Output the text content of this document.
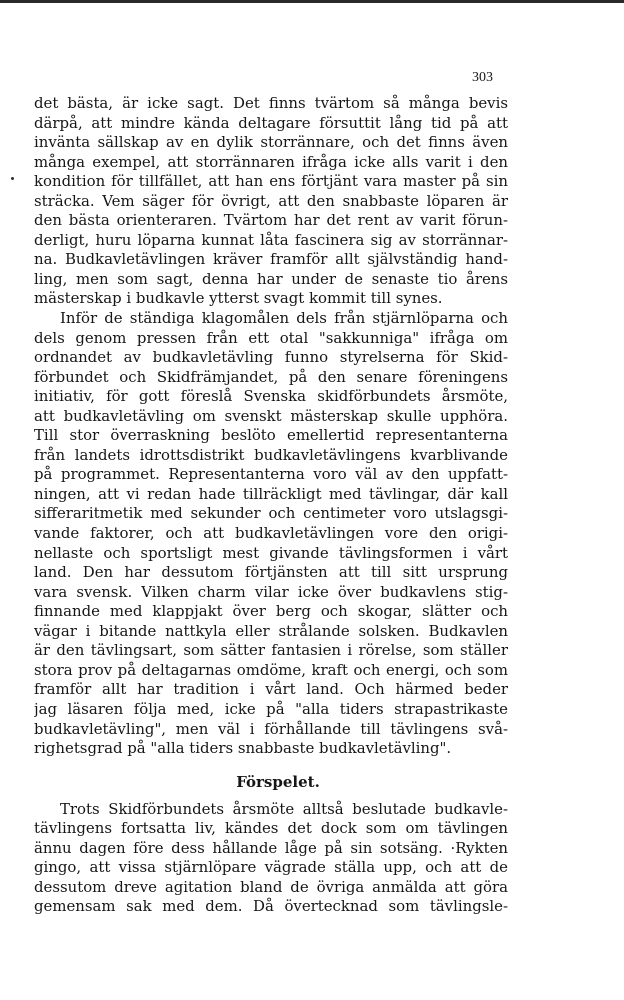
303
det bästa, är icke sagt. Det finns tvärtom så många bevis
därpå, att mindre kända deltagare försuttit lång tid på att
invänta sällskap av en dylik storrännare, och det finns även
många exempel, att storrännaren ifråga icke alls varit i den
kondition för tillfället, att han ens förtjänt vara master på sin
sträcka. Vem säger för övrigt, att den snabbaste löparen är
den bästa orienteraren. Tvärtom har det rent av varit förun-
derligt, huru löparna kunnat låta fascinera sig av storrännar-
na. Budkavletävlingen kräver framför allt självständig hand-
ling, men som sagt, denna har under de senaste tio årens
mästerskap i budkavle ytterst svagt kommit till synes.
Inför de ständiga klagomålen dels från stjärnlöparna och
dels genom pressen från ett otal "sakkunniga" ifråga om
ordnandet av budkavletävling funno styrelserna för Skid-
förbundet och Skidfrämjandet, på den senare föreningens
initiativ, för gott föreslå Svenska skidförbundets årsmöte,
att budkavletävling om svenskt mästerskap skulle upphöra.
Till stor överraskning beslöto emellertid representanterna
från landets idrottsdistrikt budkavletävlingens kvarblivande
på programmet. Representanterna voro väl av den uppfatt-
ningen, att vi redan hade tillräckligt med tävlingar, där kall
sifferaritmetik med sekunder och centimeter voro utslagsgi-
vande faktorer, och att budkavletävlingen vore den origi-
nellaste och sportsligt mest givande tävlingsformen i vårt
land. Den har dessutom förtjänsten att till sitt ursprung
vara svensk. Vilken charm vilar icke över budkavlens stig-
finnande med klappjakt över berg och skogar, slätter och
vägar i bitande nattkyla eller strålande solsken. Budkavlen
är den tävlingsart, som sätter fantasien i rörelse, som ställer
stora prov på deltagarnas omdöme, kraft och energi, och som
framför allt har tradition i vårt land. Och härmed beder
jag läsaren följa med, icke på "alla tiders strapastrikaste
budkavletävling", men väl i förhållande till tävlingens svå-
righetsgrad på "alla tiders snabbaste budkavletävling".
Förspelet.
Trots Skidförbundets årsmöte alltså beslutade budkavle-
tävlingens fortsatta liv, kändes det dock som om tävlingen
ännu dagen före dess hållande låge på sin sotsäng. ·Rykten
gingo, att vissa stjärnlöpare vägrade ställa upp, och att de
dessutom dreve agitation bland de övriga anmälda att göra
gemensam sak med dem. Då övertecknad som tävlingsle-
